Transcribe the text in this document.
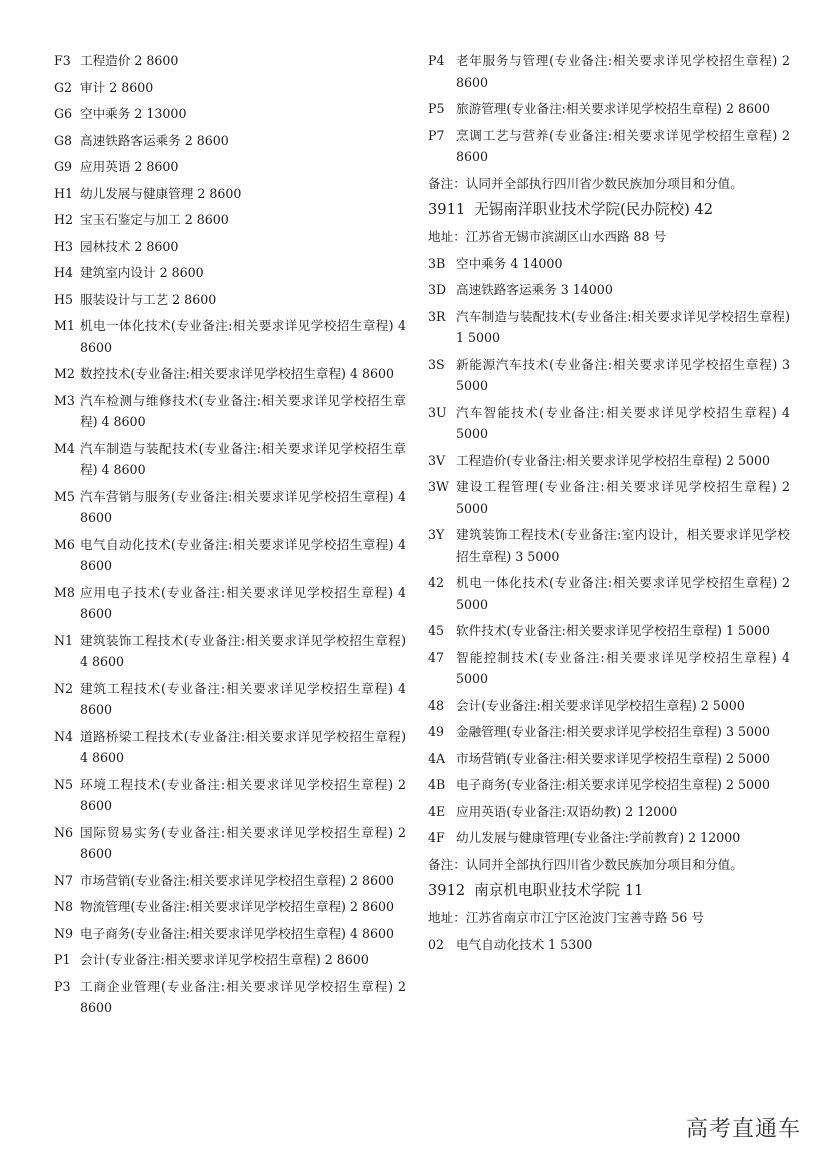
F3 工程造价 2 8600
G2 审计 2 8600
G6 空中乘务 2 13000
G8 高速铁路客运乘务 2 8600
G9 应用英语 2 8600
H1 幼儿发展与健康管理 2 8600
H2 宝玉石鉴定与加工 2 8600
H3 园林技术 2 8600
H4 建筑室内设计 2 8600
H5 服装设计与工艺 2 8600
M1 机电一体化技术(专业备注:相关要求详见学校招生章程) 4 8600
M2 数控技术(专业备注:相关要求详见学校招生章程) 4 8600
M3 汽车检测与维修技术(专业备注:相关要求详见学校招生章程) 4 8600
M4 汽车制造与装配技术(专业备注:相关要求详见学校招生章程) 4 8600
M5 汽车营销与服务(专业备注:相关要求详见学校招生章程) 4 8600
M6 电气自动化技术(专业备注:相关要求详见学校招生章程) 4 8600
M8 应用电子技术(专业备注:相关要求详见学校招生章程) 4 8600
N1 建筑装饰工程技术(专业备注:相关要求详见学校招生章程) 4 8600
N2 建筑工程技术(专业备注:相关要求详见学校招生章程) 4 8600
N4 道路桥梁工程技术(专业备注:相关要求详见学校招生章程) 4 8600
N5 环境工程技术(专业备注:相关要求详见学校招生章程) 2 8600
N6 国际贸易实务(专业备注:相关要求详见学校招生章程) 2 8600
N7 市场营销(专业备注:相关要求详见学校招生章程) 2 8600
N8 物流管理(专业备注:相关要求详见学校招生章程) 2 8600
N9 电子商务(专业备注:相关要求详见学校招生章程) 4 8600
P1 会计(专业备注:相关要求详见学校招生章程) 2 8600
P3 工商企业管理(专业备注:相关要求详见学校招生章程) 2 8600
P4 老年服务与管理(专业备注:相关要求详见学校招生章程) 2 8600
P5 旅游管理(专业备注:相关要求详见学校招生章程) 2 8600
P7 烹调工艺与营养(专业备注:相关要求详见学校招生章程) 2 8600
备注：认同并全部执行四川省少数民族加分项目和分值。
3911 无锡南洋职业技术学院(民办院校) 42
地址：江苏省无锡市滨湖区山水西路 88 号
3B 空中乘务 4 14000
3D 高速铁路客运乘务 3 14000
3R 汽车制造与装配技术(专业备注:相关要求详见学校招生章程) 1 5000
3S 新能源汽车技术(专业备注:相关要求详见学校招生章程) 3 5000
3U 汽车智能技术(专业备注:相关要求详见学校招生章程) 4 5000
3V 工程造价(专业备注:相关要求详见学校招生章程) 2 5000
3W 建设工程管理(专业备注:相关要求详见学校招生章程) 2 5000
3Y 建筑装饰工程技术(专业备注:室内设计，相关要求详见学校招生章程) 3 5000
42 机电一体化技术(专业备注:相关要求详见学校招生章程) 2 5000
45 软件技术(专业备注:相关要求详见学校招生章程) 1 5000
47 智能控制技术(专业备注:相关要求详见学校招生章程) 4 5000
48 会计(专业备注:相关要求详见学校招生章程) 2 5000
49 金融管理(专业备注:相关要求详见学校招生章程) 3 5000
4A 市场营销(专业备注:相关要求详见学校招生章程) 2 5000
4B 电子商务(专业备注:相关要求详见学校招生章程) 2 5000
4E 应用英语(专业备注:双语幼教) 2 12000
4F 幼儿发展与健康管理(专业备注:学前教育) 2 12000
备注：认同并全部执行四川省少数民族加分项目和分值。
3912 南京机电职业技术学院 11
地址：江苏省南京市江宁区沧波门宝善寺路 56 号
02 电气自动化技术 1 5300
高考直通车
